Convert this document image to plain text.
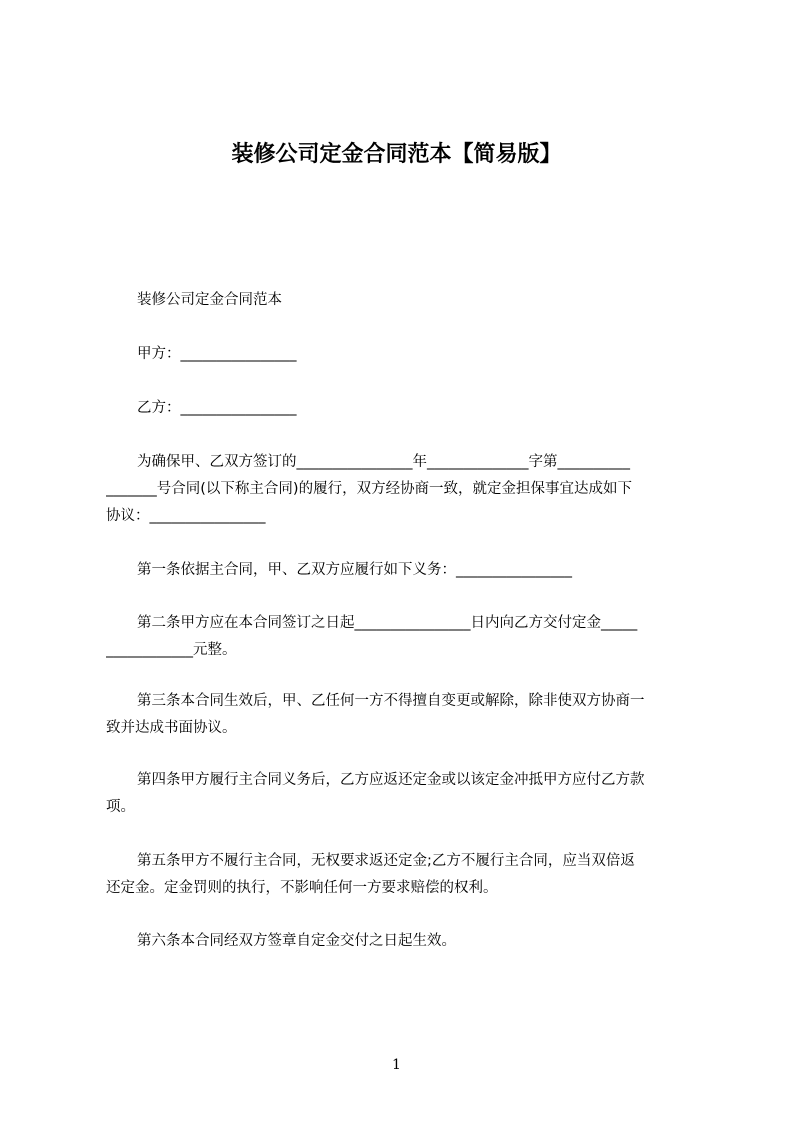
装修公司定金合同范本【简易版】
装修公司定金合同范本
甲方：________________
乙方：________________
为确保甲、乙双方签订的________________年______________字第__________
_______号合同(以下称主合同)的履行，双方经协商一致，就定金担保事宜达成如下
协议：________________
第一条依据主合同，甲、乙双方应履行如下义务：________________
第二条甲方应在本合同签订之日起________________日内向乙方交付定金_____
____________元整。
第三条本合同生效后，甲、乙任何一方不得擅自变更或解除，除非使双方协商一
致并达成书面协议。
第四条甲方履行主合同义务后，乙方应返还定金或以该定金冲抵甲方应付乙方款
项。
第五条甲方不履行主合同，无权要求返还定金;乙方不履行主合同，应当双倍返
还定金。定金罚则的执行，不影响任何一方要求赔偿的权利。
第六条本合同经双方签章自定金交付之日起生效。
1
